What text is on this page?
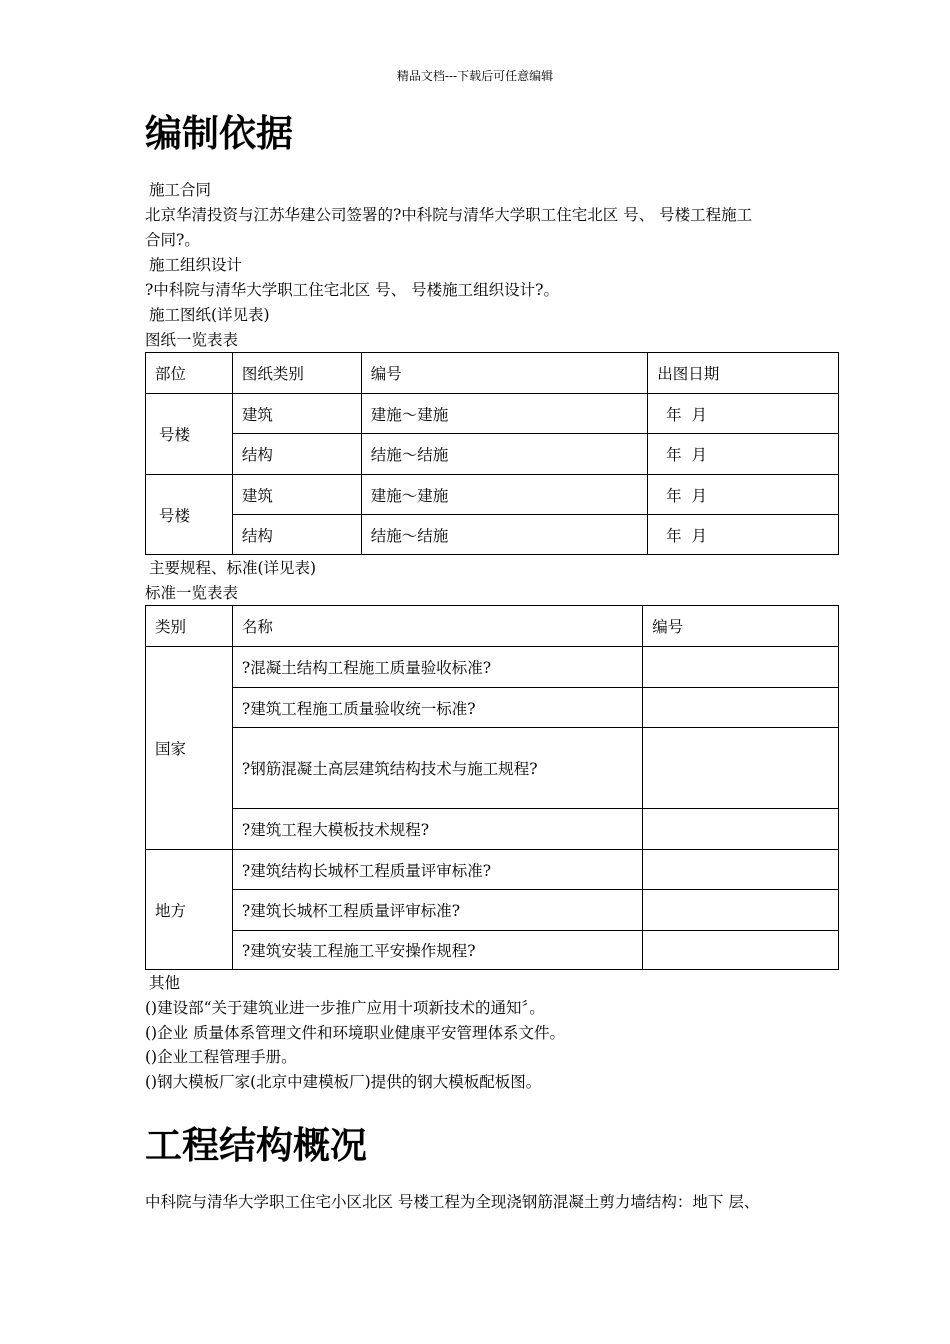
精品文档---下载后可任意编辑
编制依据
施工合同
北京华清投资与江苏华建公司签署的?中科院与清华大学职工住宅北区 号、 号楼工程施工
合同?。
施工组织设计
?中科院与清华大学职工住宅北区 号、 号楼施工组织设计?。
施工图纸(详见表)
图纸一览表表
部位	图纸类别	编号	出图日期
号楼	建筑	建施～建施	年  月
	结构	结施～结施	年  月
号楼	建筑	建施～建施	年  月
	结构	结施～结施	年  月
主要规程、标准(详见表)
标准一览表表
类别	名称	编号
国家	?混凝土结构工程施工质量验收标准?	
	?建筑工程施工质量验收统一标准?	
	?钢筋混凝土高层建筑结构技术与施工规程?	
	?建筑工程大模板技术规程?	
地方	?建筑结构长城杯工程质量评审标准?	
	?建筑长城杯工程质量评审标准?	
	?建筑安装工程施工平安操作规程?	
其他
()建设部“关于建筑业进一步推广应用十项新技术的通知〞。
()企业 质量体系管理文件和环境职业健康平安管理体系文件。
()企业工程管理手册。
()钢大模板厂家(北京中建模板厂)提供的钢大模板配板图。
工程结构概况
中科院与清华大学职工住宅小区北区 号楼工程为全现浇钢筋混凝土剪力墙结构：地下 层、
